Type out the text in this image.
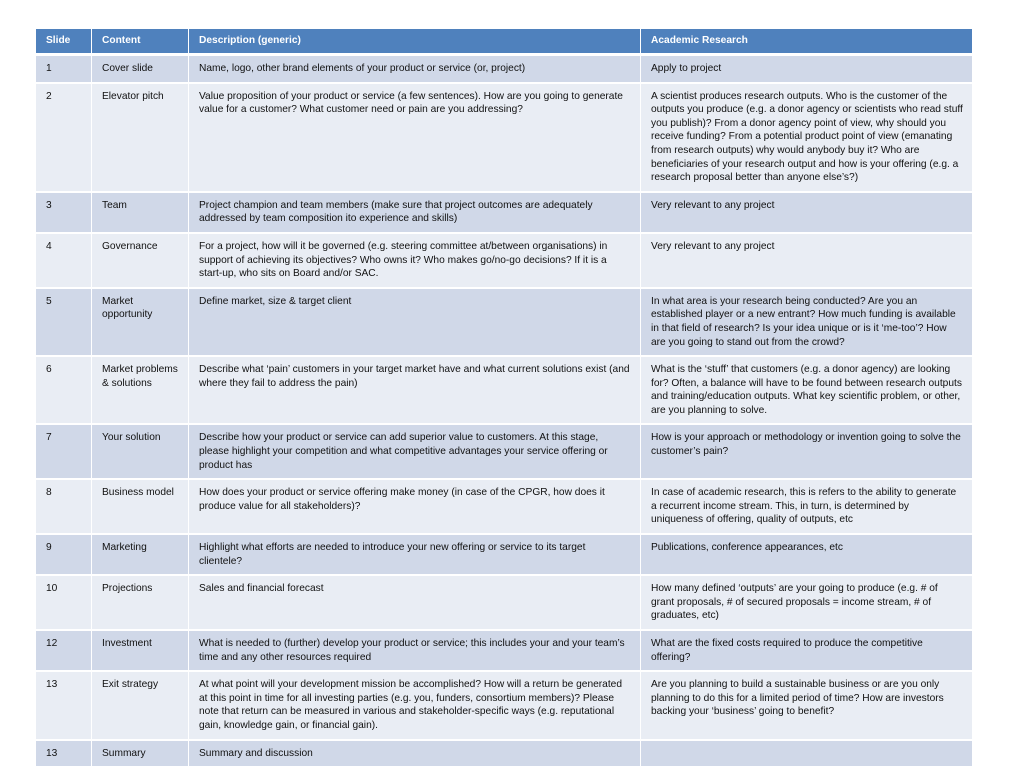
Slide	Content	Description (generic)	Academic Research
1	Cover slide	Name, logo, other brand elements of your product or service (or, project)	Apply to project
2	Elevator pitch	Value proposition of your product or service (a few sentences). How are you going to generate value for a customer? What customer need or pain are you addressing?	A scientist produces research outputs. Who is the customer of the outputs you produce (e.g. a donor agency or scientists who read stuff you publish)? From a donor agency point of view, why should you receive funding? From a potential product point of view (emanating from research outputs) why would anybody buy it? Who are beneficiaries of your research output and how is your offering (e.g. a research proposal better than anyone else’s?)
3	Team	Project champion and team members (make sure that project outcomes are adequately addressed by team composition ito experience and skills)	Very relevant to any project
4	Governance	For a project, how will it be governed (e.g. steering committee at/between organisations) in support of achieving its objectives? Who owns it? Who makes go/no-go decisions? If it is a start-up, who sits on Board and/or SAC.	Very relevant to any project
5	Market opportunity	Define market, size & target client	In what area is your research being conducted? Are you an established player or a new entrant? How much funding is available in that field of research? Is your idea unique or is it ‘me-too’? How are you going to stand out from the crowd?
6	Market problems & solutions	Describe what ‘pain’ customers in your target market have and what current solutions exist (and where they fail to address the pain)	What is the ‘stuff’ that customers (e.g. a donor agency) are looking for? Often, a balance will have to be found between research outputs and training/education outputs. What key scientific problem, or other, are you planning to solve.
7	Your solution	Describe how your product or service can add superior value to customers. At this stage, please highlight your competition and what competitive advantages your service offering or product has	How is your approach or methodology or invention going to solve the customer’s pain?
8	Business model	How does your product or service offering make money (in case of the CPGR, how does it produce value for all stakeholders)?	In case of academic research, this is refers to the ability to generate a recurrent income stream. This, in turn, is determined by uniqueness of offering, quality of outputs, etc
9	Marketing	Highlight what efforts are needed to introduce your new offering or service to its target clientele?	Publications, conference appearances, etc
10	Projections	Sales and financial forecast	How many defined ‘outputs’ are your going to produce (e.g. # of grant proposals, # of secured proposals = income stream, # of graduates, etc)
12	Investment	What is needed to (further) develop your product or service; this includes your and your team’s time and any other resources required	What are the fixed costs required to produce the competitive offering?
13	Exit strategy	At what point will your development mission be accomplished? How will a return be generated at this point in time for all investing parties (e.g. you, funders, consortium members)? Please note that return can be measured in various and stakeholder-specific ways (e.g. reputational gain, knowledge gain, or financial gain).	Are you planning to build a sustainable business or are you only planning to do this for a limited period of time? How are investors backing your ‘business’ going to benefit?
13	Summary	Summary and discussion	
